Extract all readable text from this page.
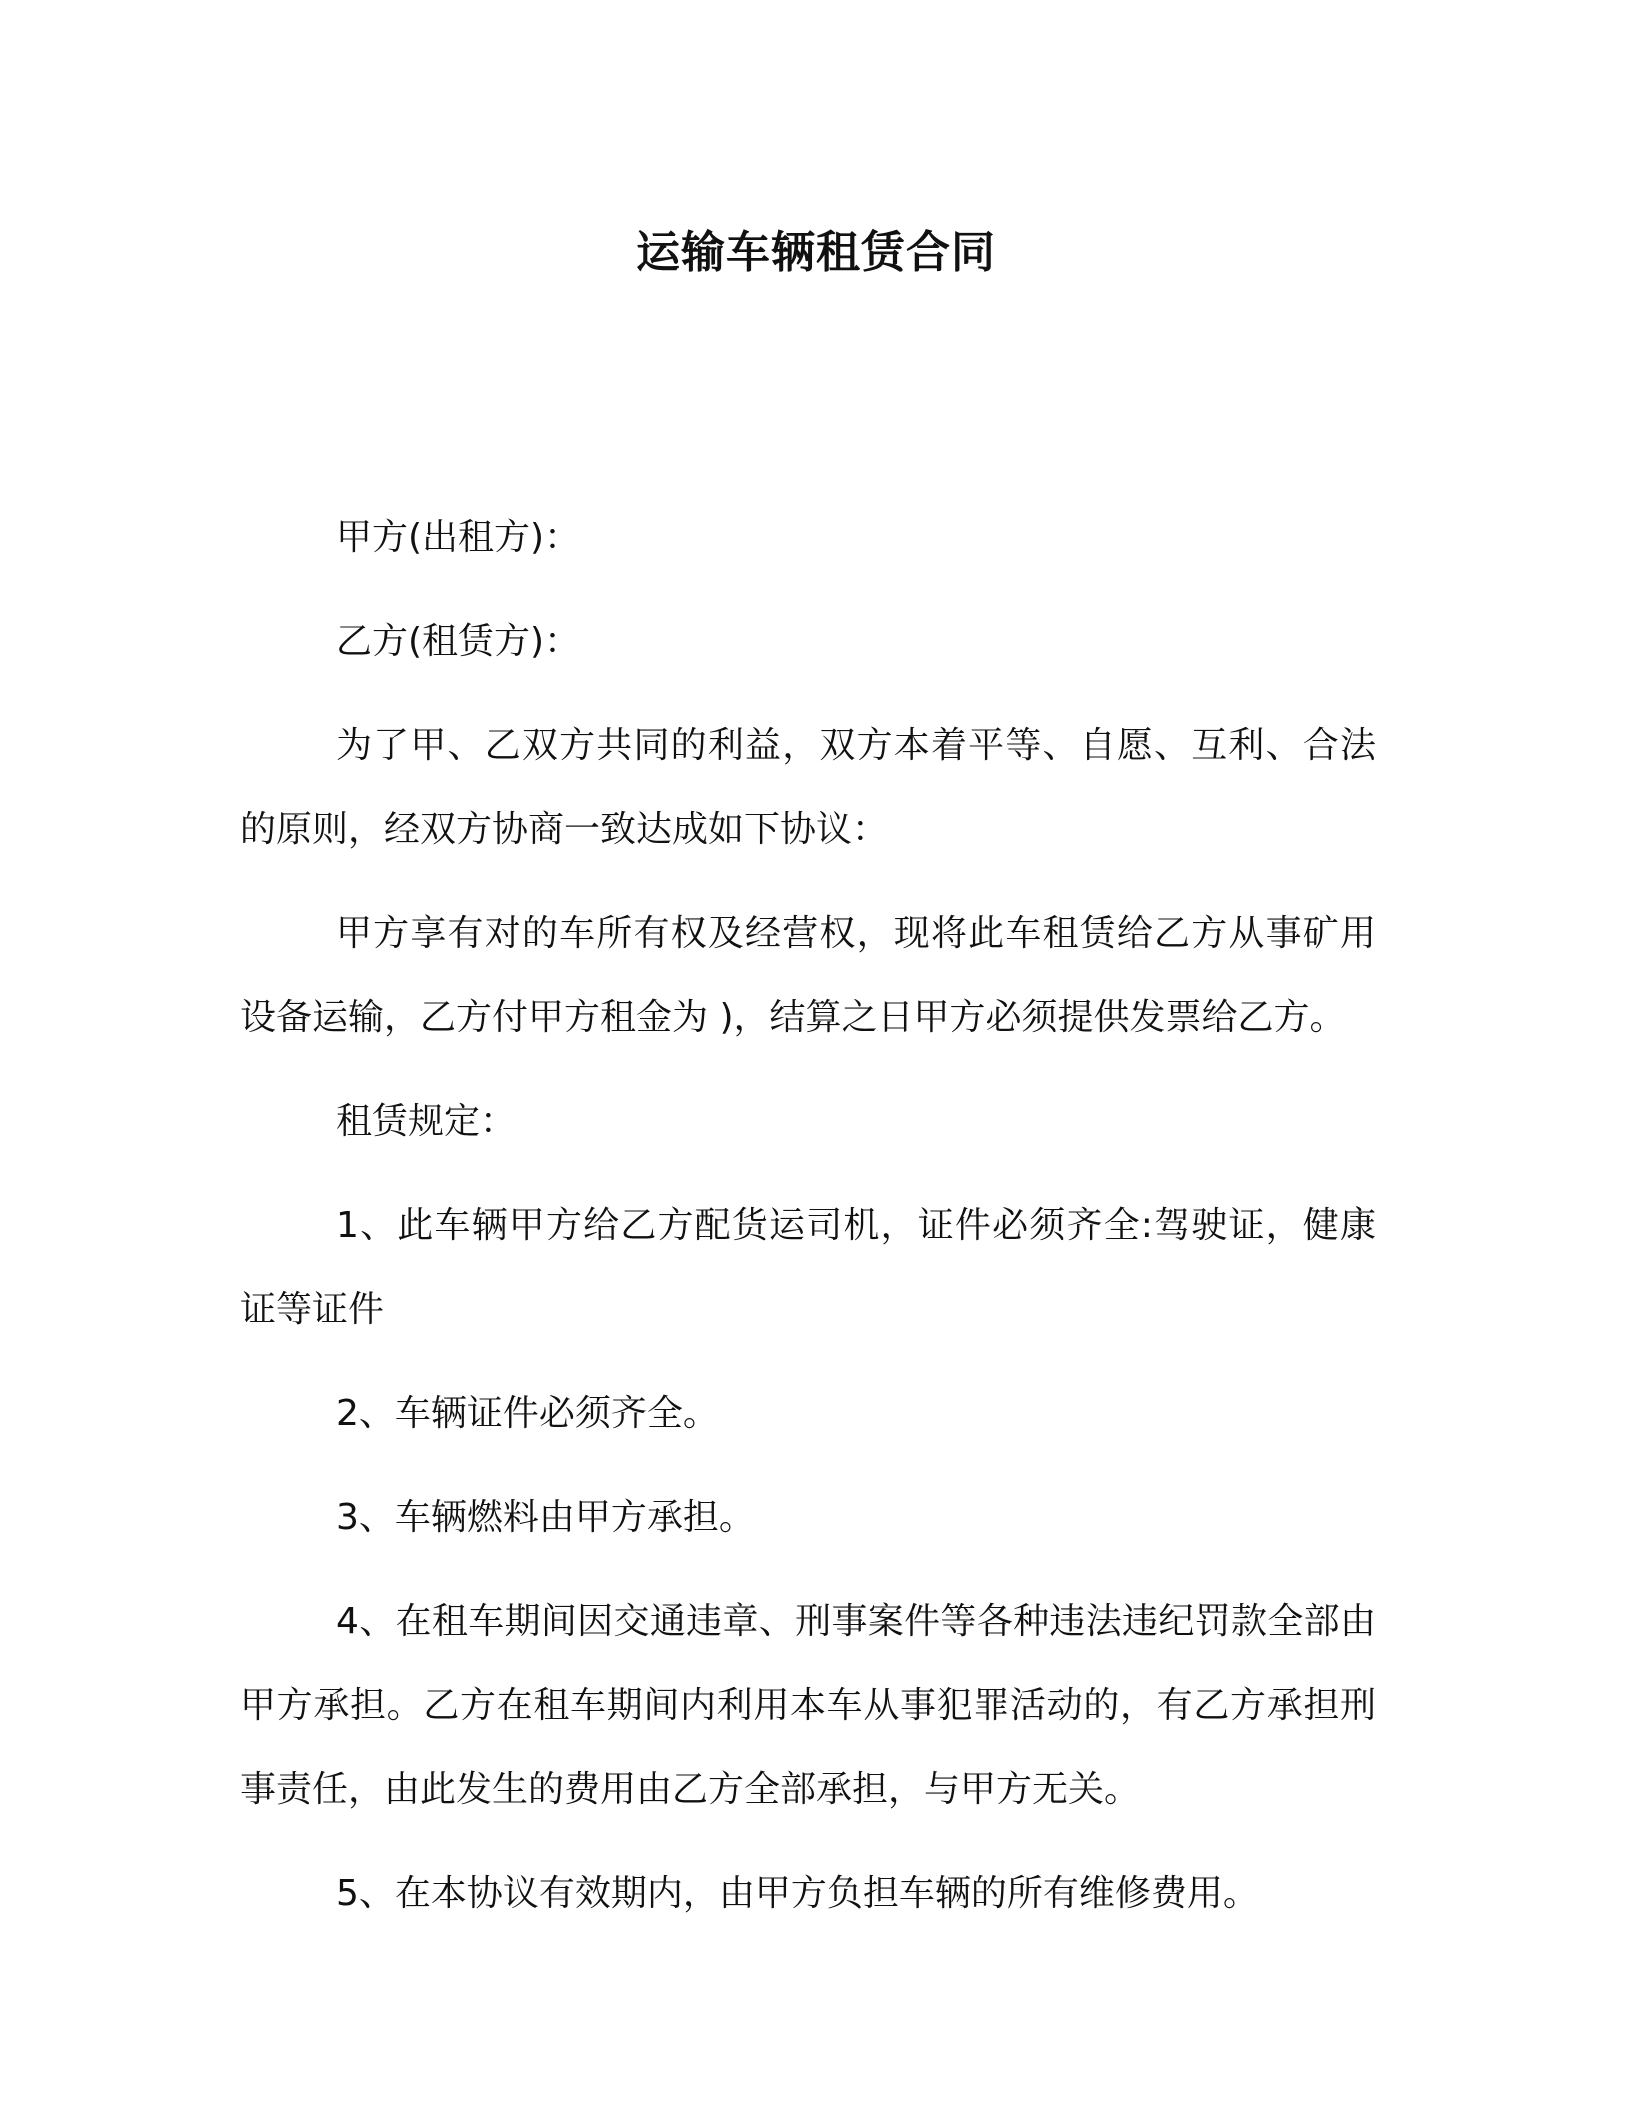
运输车辆租赁合同

甲方(出租方)：

乙方(租赁方)：

为了甲、乙双方共同的利益，双方本着平等、自愿、互利、合法的原则，经双方协商一致达成如下协议：

甲方享有对的车所有权及经营权，现将此车租赁给乙方从事矿用设备运输，乙方付甲方租金为 )，结算之日甲方必须提供发票给乙方。

租赁规定：

1、此车辆甲方给乙方配货运司机，证件必须齐全:驾驶证，健康证等证件

2、车辆证件必须齐全。

3、车辆燃料由甲方承担。

4、在租车期间因交通违章、刑事案件等各种违法违纪罚款全部由甲方承担。乙方在租车期间内利用本车从事犯罪活动的，有乙方承担刑事责任，由此发生的费用由乙方全部承担，与甲方无关。

5、在本协议有效期内，由甲方负担车辆的所有维修费用。
